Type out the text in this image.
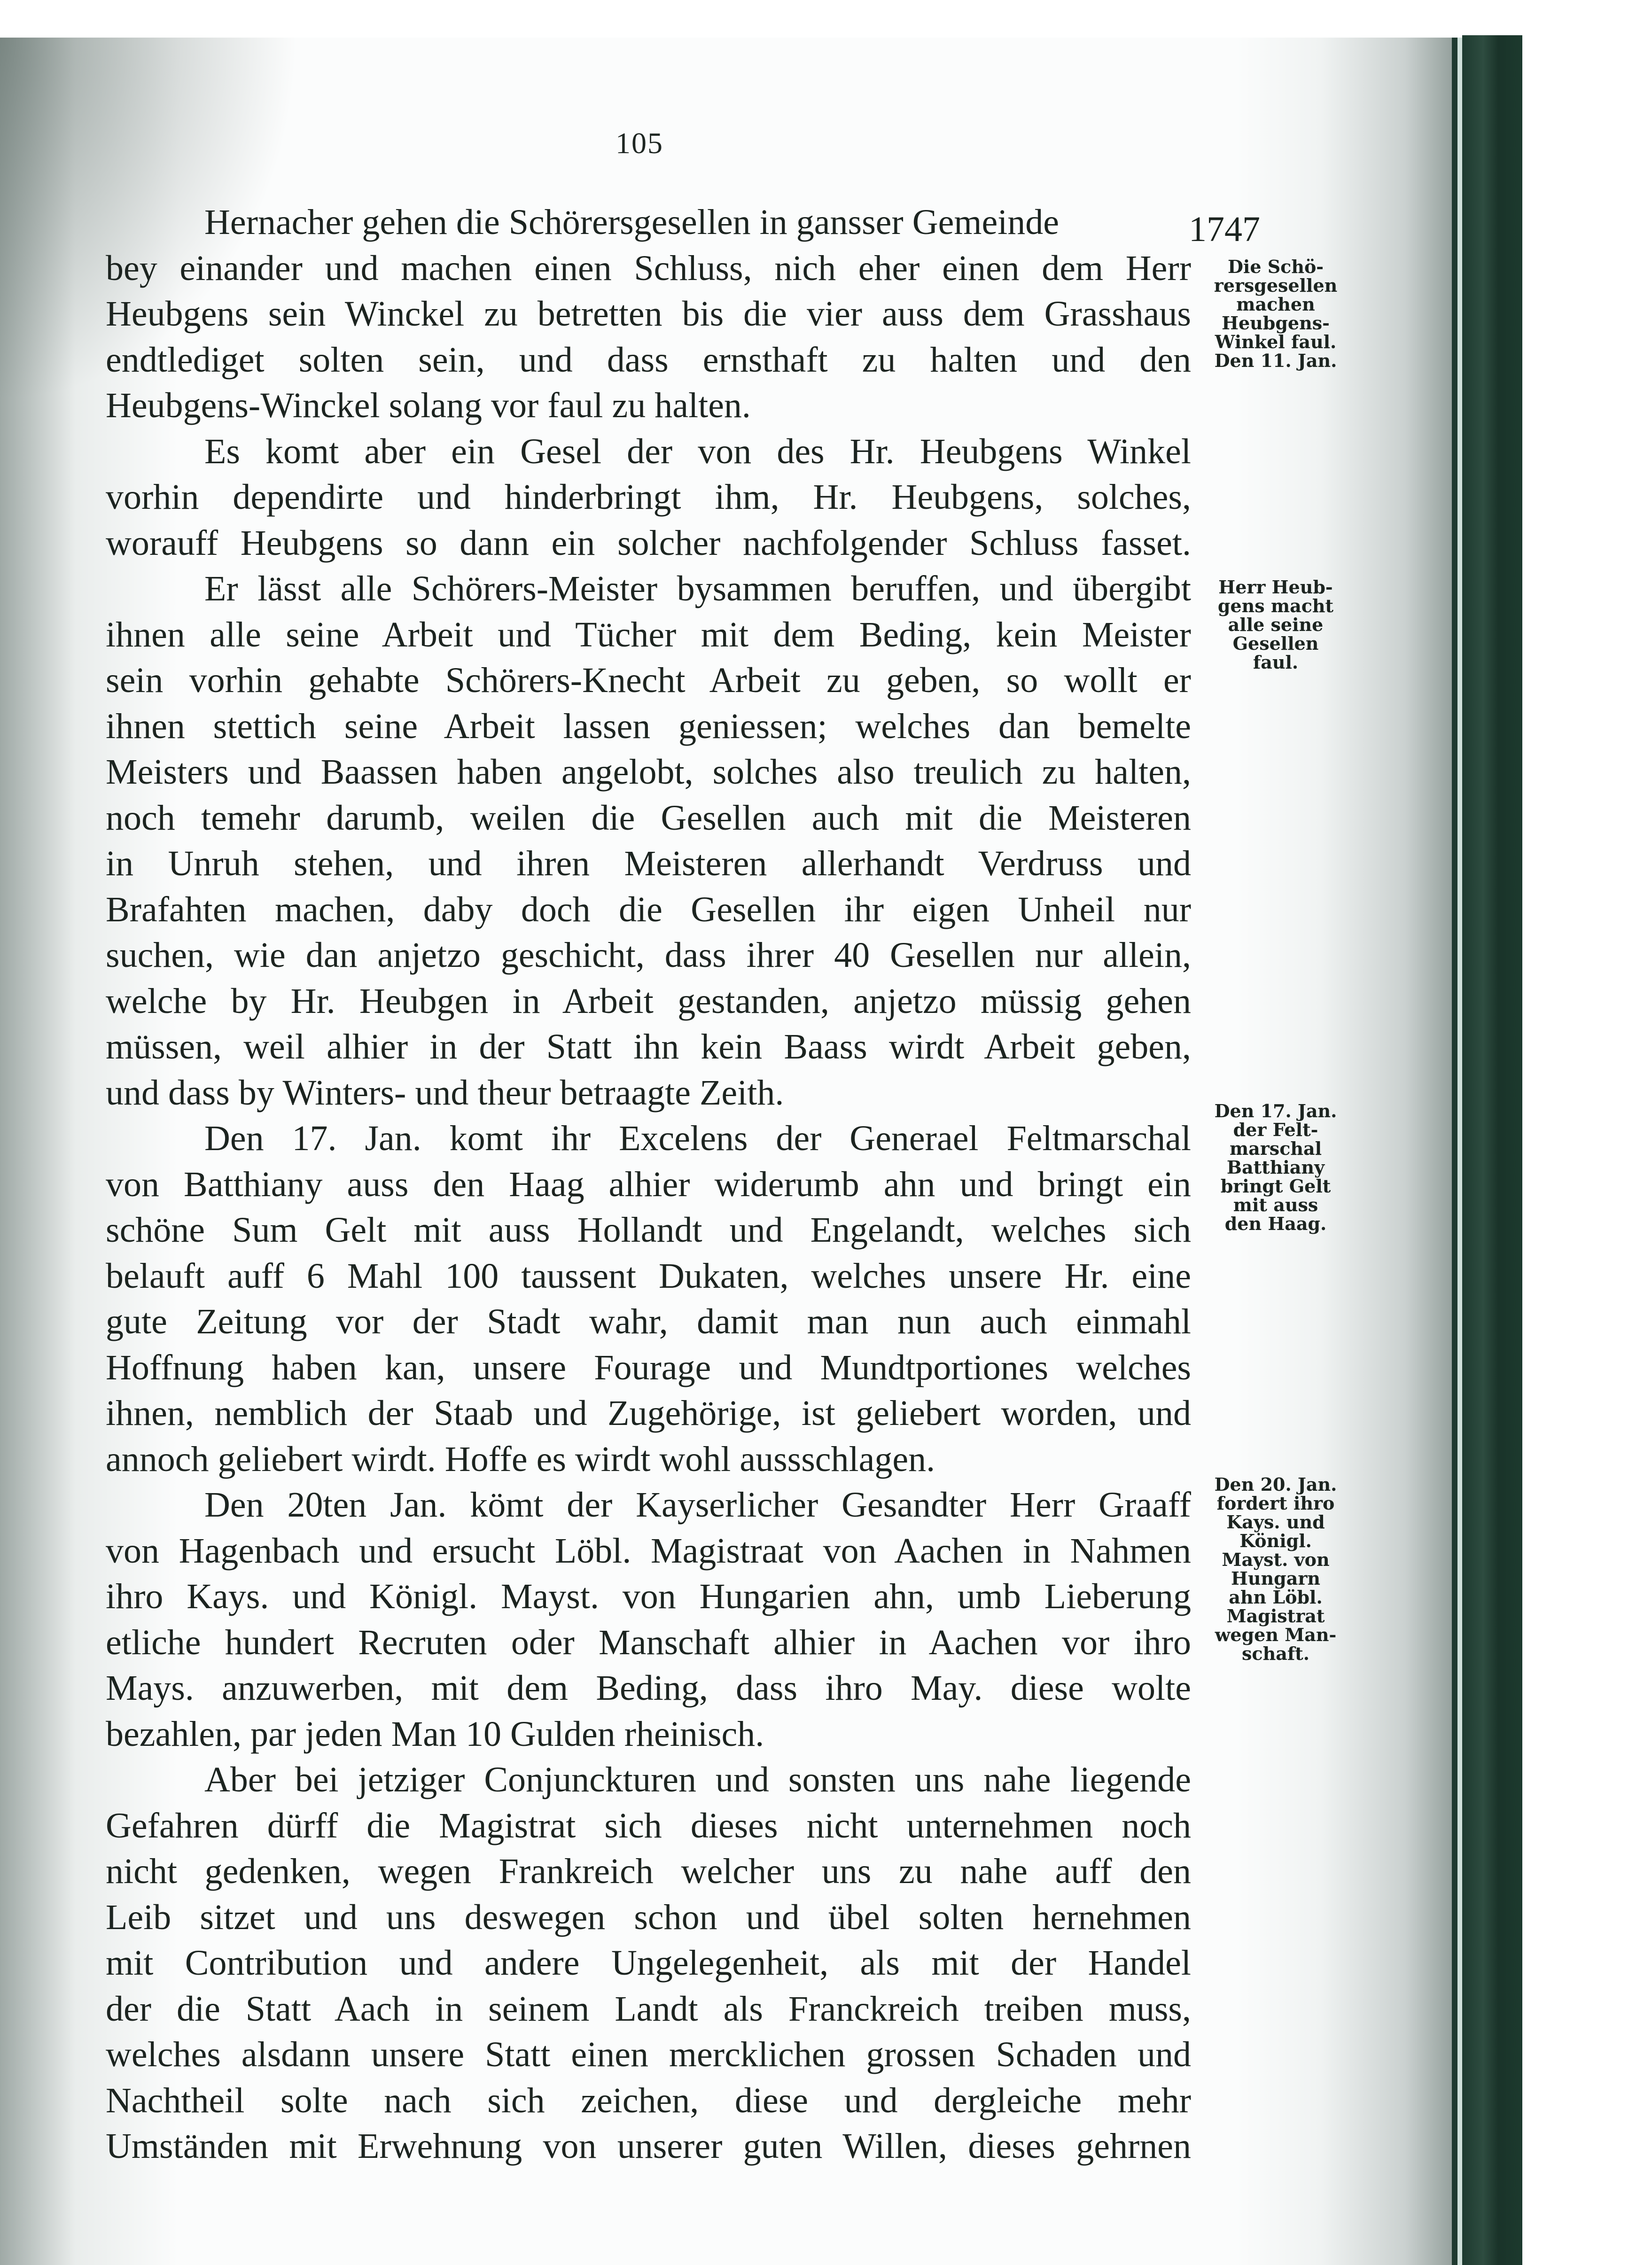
105
1747
Hernacher gehen die Schörersgesellen in gansser Gemeinde
bey einander und machen einen Schluss, nich eher einen dem Herr
Heubgens sein Winckel zu betretten bis die vier auss dem Grasshaus
endtlediget solten sein, und dass ernsthaft zu halten und den
Heubgens-Winckel solang vor faul zu halten.
Es komt aber ein Gesel der von des Hr. Heubgens Winkel
vorhin dependirte und hinderbringt ihm, Hr. Heubgens, solches,
worauff Heubgens so dann ein solcher nachfolgender Schluss fasset.
Er lässt alle Schörers-Meister bysammen beruffen, und übergibt
ihnen alle seine Arbeit und Tücher mit dem Beding, kein Meister
sein vorhin gehabte Schörers-Knecht Arbeit zu geben, so wollt er
ihnen stettich seine Arbeit lassen geniessen; welches dan bemelte
Meisters und Baassen haben angelobt, solches also treulich zu halten,
noch temehr darumb, weilen die Gesellen auch mit die Meisteren
in Unruh stehen, und ihren Meisteren allerhandt Verdruss und
Brafahten machen, daby doch die Gesellen ihr eigen Unheil nur
suchen, wie dan anjetzo geschicht, dass ihrer 40 Gesellen nur allein,
welche by Hr. Heubgen in Arbeit gestanden, anjetzo müssig gehen
müssen, weil alhier in der Statt ihn kein Baass wirdt Arbeit geben,
und dass by Winters- und theur betraagte Zeith.
Den 17. Jan. komt ihr Excelens der Generael Feltmarschal
von Batthiany auss den Haag alhier widerumb ahn und bringt ein
schöne Sum Gelt mit auss Hollandt und Engelandt, welches sich
belauft auff 6 Mahl 100 taussent Dukaten, welches unsere Hr. eine
gute Zeitung vor der Stadt wahr, damit man nun auch einmahl
Hoffnung haben kan, unsere Fourage und Mundtportiones welches
ihnen, nemblich der Staab und Zugehörige, ist geliebert worden, und
annoch geliebert wirdt. Hoffe es wirdt wohl aussschlagen.
Den 20ten Jan. kömt der Kayserlicher Gesandter Herr Graaff
von Hagenbach und ersucht Löbl. Magistraat von Aachen in Nahmen
ihro Kays. und Königl. Mayst. von Hungarien ahn, umb Lieberung
etliche hundert Recruten oder Manschaft alhier in Aachen vor ihro
Mays. anzuwerben, mit dem Beding, dass ihro May. diese wolte
bezahlen, par jeden Man 10 Gulden rheinisch.
Aber bei jetziger Conjunckturen und sonsten uns nahe liegende
Gefahren dürff die Magistrat sich dieses nicht unternehmen noch
nicht gedenken, wegen Frankreich welcher uns zu nahe auff den
Leib sitzet und uns deswegen schon und übel solten hernehmen
mit Contribution und andere Ungelegenheit, als mit der Handel
der die Statt Aach in seinem Landt als Franckreich treiben muss,
welches alsdann unsere Statt einen mercklichen grossen Schaden und
Nachtheil solte nach sich zeichen, diese und dergleiche mehr
Umständen mit Erwehnung von unserer guten Willen, dieses gehrnen
Die Schö-
rersgesellen
machen
Heubgens-
Winkel faul.
Den 11. Jan.
Herr Heub-
gens macht
alle seine
Gesellen
faul.
Den 17. Jan.
der Felt-
marschal
Batthiany
bringt Gelt
mit auss
den Haag.
Den 20. Jan.
fordert ihro
Kays. und
Königl.
Mayst. von
Hungarn
ahn Löbl.
Magistrat
wegen Man-
schaft.
